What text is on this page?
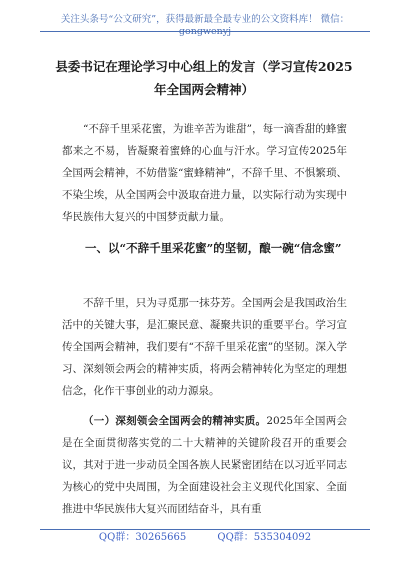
关注头条号“公文研究”，获得最新最全最专业的公文资料库！ 微信：
县委书记在理论学习中心组上的发言（学习宣传2025年全国两会精神）

“不辞千里采花蜜，为谁辛苦为谁甜”，每一滴香甜的蜂蜜都来之不易，皆凝聚着蜜蜂的心血与汗水。学习宣传2025年全国两会精神，不妨借鉴“蜜蜂精神”，不辞千里、不惧繁琐、不染尘埃，从全国两会中汲取奋进力量，以实际行动为实现中华民族伟大复兴的中国梦贡献力量。

一、以“不辞千里采花蜜”的坚韧，酿一碗“信念蜜”

不辞千里，只为寻觅那一抹芬芳。全国两会是我国政治生活中的关键大事，是汇聚民意、凝聚共识的重要平台。学习宣传全国两会精神，我们要有“不辞千里采花蜜”的坚韧。深入学习、深刻领会两会的精神实质，将两会精神转化为坚定的理想信念，化作干事创业的动力源泉。

（一）深刻领会全国两会的精神实质。2025年全国两会是在全面贯彻落实党的二十大精神的关键阶段召开的重要会议，其对于进一步动员全国各族人民紧密团结在以习近平同志为核心的党中央周围，为全面建设社会主义现代化国家、全面推进中华民族伟大复兴而团结奋斗，具有重

QQ群：30265665	QQ群：535304092
